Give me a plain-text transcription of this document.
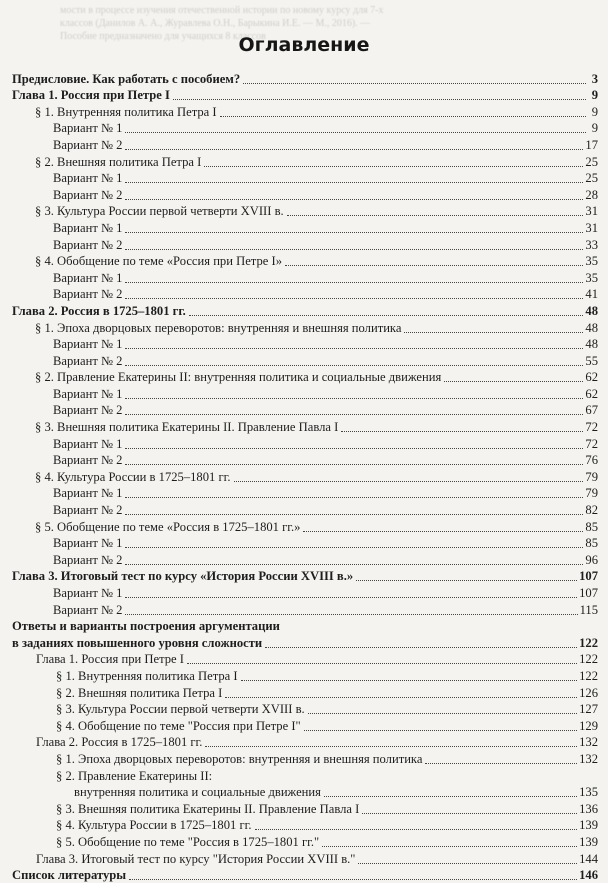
мости в процессе изучения отечественной истории по новому курсу для 7-х
классов (Данилов А. А., Журавлева О.Н., Барыкина И.Е. — М., 2016). —
Пособие предназначено для учащихся 8 классов
Оглавление
Предисловие. Как работать с пособием?	3
Глава 1. Россия при Петре I	9
§ 1. Внутренняя политика Петра I	9
Вариант № 1	9
Вариант № 2	17
§ 2. Внешняя политика Петра I	25
Вариант № 1	25
Вариант № 2	28
§ 3. Культура России первой четверти XVIII в.	31
Вариант № 1	31
Вариант № 2	33
§ 4. Обобщение по теме «Россия при Петре I»	35
Вариант № 1	35
Вариант № 2	41
Глава 2. Россия в 1725–1801 гг.	48
§ 1. Эпоха дворцовых переворотов: внутренняя и внешняя политика	48
Вариант № 1	48
Вариант № 2	55
§ 2. Правление Екатерины II: внутренняя политика и социальные движения	62
Вариант № 1	62
Вариант № 2	67
§ 3. Внешняя политика Екатерины II. Правление Павла I	72
Вариант № 1	72
Вариант № 2	76
§ 4. Культура России в 1725–1801 гг.	79
Вариант № 1	79
Вариант № 2	82
§ 5. Обобщение по теме «Россия в 1725–1801 гг.»	85
Вариант № 1	85
Вариант № 2	96
Глава 3. Итоговый тест по курсу «История России XVIII в.»	107
Вариант № 1	107
Вариант № 2	115
Ответы и варианты построения аргументации
в заданиях повышенного уровня сложности	122
Глава 1. Россия при Петре I	122
§ 1. Внутренняя политика Петра I	122
§ 2. Внешняя политика Петра I	126
§ 3. Культура России первой четверти XVIII в.	127
§ 4. Обобщение по теме "Россия при Петре I"	129
Глава 2. Россия в 1725–1801 гг.	132
§ 1. Эпоха дворцовых переворотов: внутренняя и внешняя политика	132
§ 2. Правление Екатерины II:
внутренняя политика и социальные движения	135
§ 3. Внешняя политика Екатерины II. Правление Павла I	136
§ 4. Культура России в 1725–1801 гг.	139
§ 5. Обобщение по теме "Россия в 1725–1801 гг."	139
Глава 3. Итоговый тест по курсу "История России XVIII в."	144
Список литературы	146
